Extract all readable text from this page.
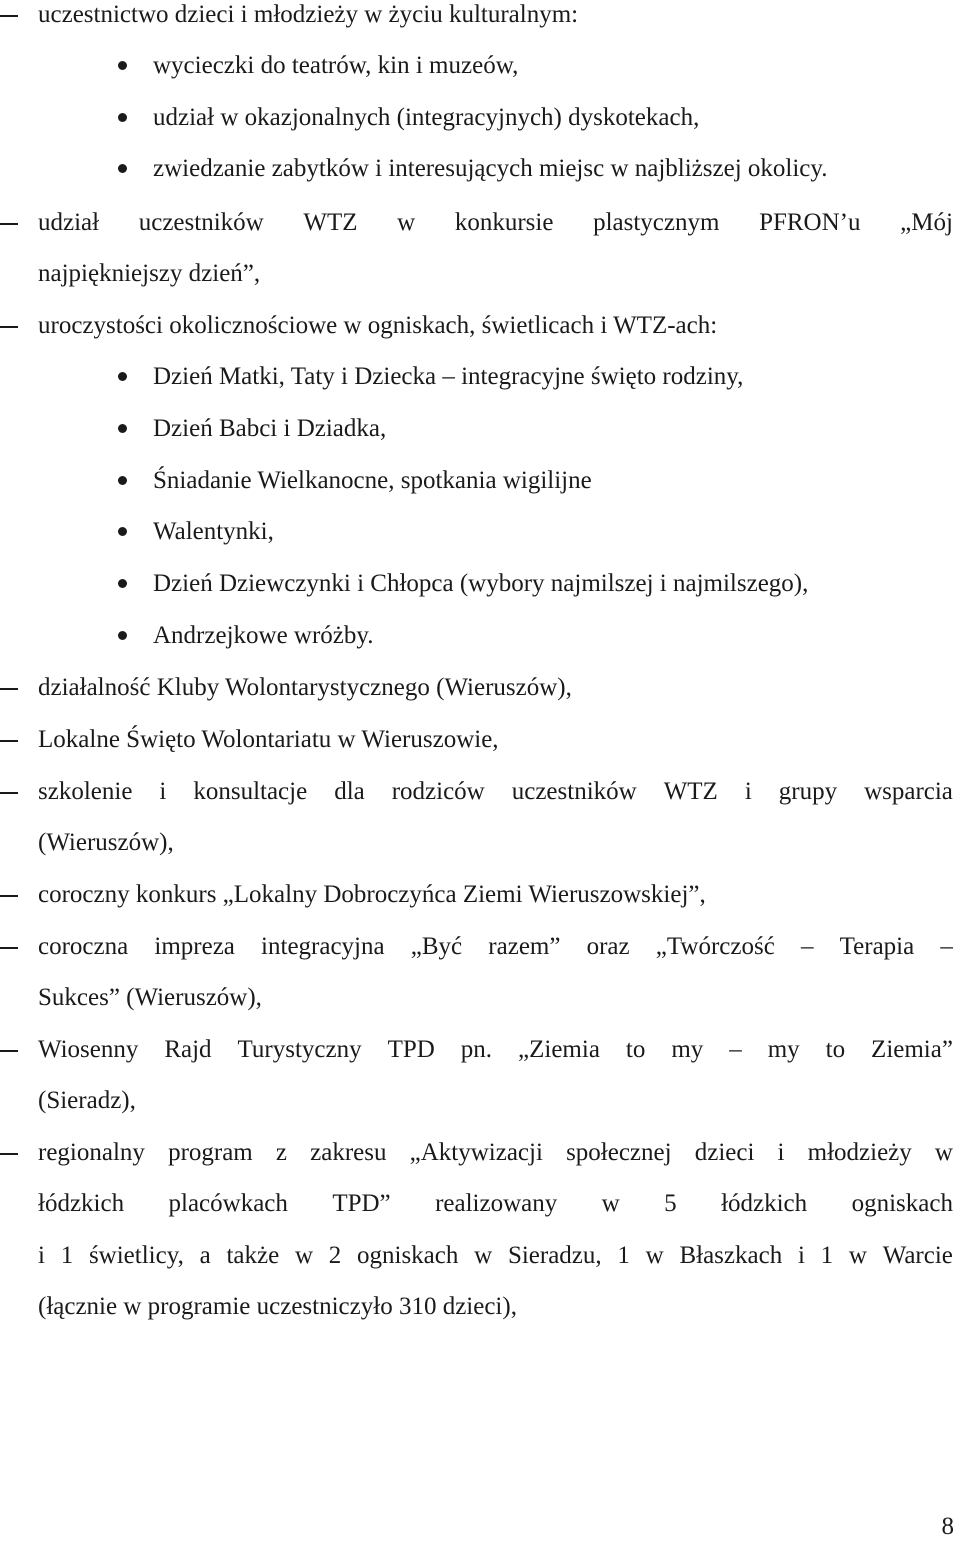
uczestnictwo dzieci i młodzieży w życiu kulturalnym:
wycieczki do teatrów, kin i muzeów,
udział w okazjonalnych (integracyjnych) dyskotekach,
zwiedzanie zabytków i interesujących miejsc w najbliższej okolicy.
udział uczestników WTZ w konkursie plastycznym PFRON’u „Mój
najpiękniejszy dzień”,
uroczystości okolicznościowe w ogniskach, świetlicach i WTZ-ach:
Dzień Matki, Taty i Dziecka – integracyjne święto rodziny,
Dzień Babci i Dziadka,
Śniadanie Wielkanocne, spotkania wigilijne
Walentynki,
Dzień Dziewczynki i Chłopca (wybory najmilszej i najmilszego),
Andrzejkowe wróżby.
działalność Kluby Wolontarystycznego (Wieruszów),
Lokalne Święto Wolontariatu w Wieruszowie,
szkolenie i konsultacje dla rodziców uczestników WTZ i grupy wsparcia
(Wieruszów),
coroczny konkurs „Lokalny Dobroczyńca Ziemi Wieruszowskiej”,
coroczna impreza integracyjna „Być razem” oraz „Twórczość – Terapia –
Sukces” (Wieruszów),
Wiosenny Rajd Turystyczny TPD pn. „Ziemia to my – my to Ziemia”
(Sieradz),
regionalny program z zakresu „Aktywizacji społecznej dzieci i młodzieży w
łódzkich placówkach TPD” realizowany w 5 łódzkich ogniskach
i 1 świetlicy, a także w 2 ogniskach w Sieradzu, 1 w Błaszkach i 1 w Warcie
(łącznie w programie uczestniczyło 310 dzieci),
8
